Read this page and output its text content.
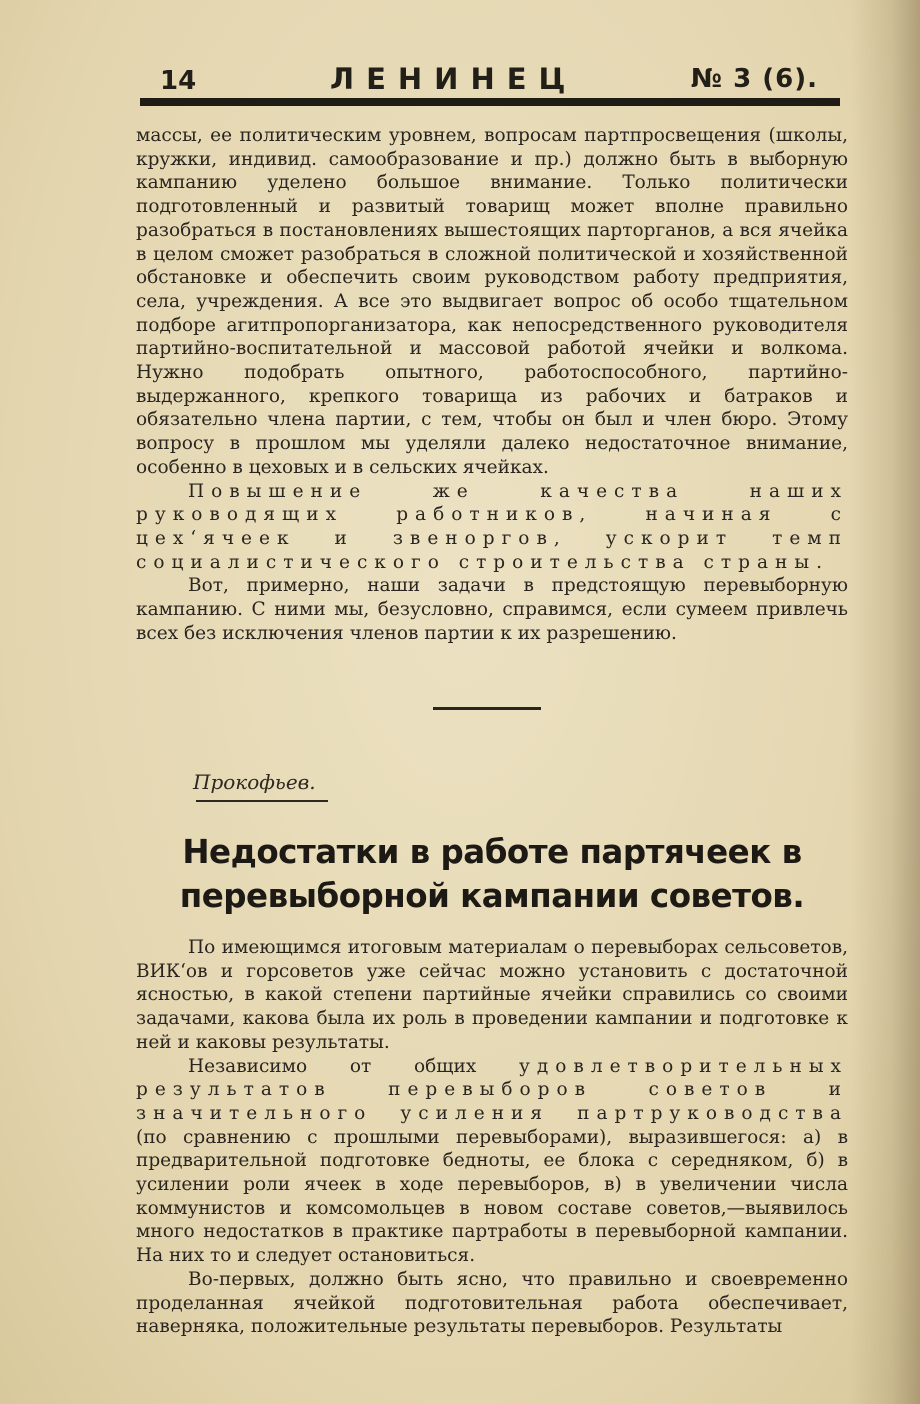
14	ЛЕНИНЕЦ	№ 3 (6).

массы, ее политическим уровнем, вопросам партпросвещения (школы, кружки, индивид. самообразование и пр.) должно быть в выборную кампанию уделено большое внимание. Только политически подготовленный и развитый товарищ может вполне правильно разобраться в постановлениях вышестоящих парторганов, а вся ячейка в целом сможет разобраться в сложной политической и хозяйственной обстановке и обеспечить своим руководством работу предприятия, села, учреждения. А все это выдвигает вопрос об особо тщательном подборе агитпропорганизатора, как непосредственного руководителя партийно-воспитательной и массовой работой ячейки и волкома. Нужно подобрать опытного, работоспособного, партийно-выдержанного, крепкого товарища из рабочих и батраков и обязательно члена партии, с тем, чтобы он был и член бюро. Этому вопросу в прошлом мы уделяли далеко недостаточное внимание, особенно в цеховых и в сельских ячейках.

Повышение же качества наших руководящих работников, начиная с цех‘ячеек и звеноргов, ускорит темп социалистического строительства страны.

Вот, примерно, наши задачи в предстоящую перевыборную кампанию. С ними мы, безусловно, справимся, если сумеем привлечь всех без исключения членов партии к их разрешению.

Прокофьев.
Недостатки в работе партячеек в перевыборной кампании советов.

По имеющимся итоговым материалам о перевыборах сельсоветов, ВИК‘ов и горсоветов уже сейчас можно установить с достаточной ясностью, в какой степени партийные ячейки справились со своими задачами, какова была их роль в проведении кампании и подготовке к ней и каковы результаты.

Независимо от общих удовлетворительных результатов перевыборов советов и значительного усиления партруководства (по сравнению с прошлыми перевыборами), выразившегося: а) в предварительной подготовке бедноты, ее блока с середняком, б) в усилении роли ячеек в ходе перевыборов, в) в увеличении числа коммунистов и комсомольцев в новом составе советов,—выявилось много недостатков в практике партработы в перевыборной кампании. На них то и следует остановиться.

Во-первых, должно быть ясно, что правильно и своевременно проделанная ячейкой подготовительная работа обеспечивает, наверняка, положительные результаты перевыборов. Результаты
